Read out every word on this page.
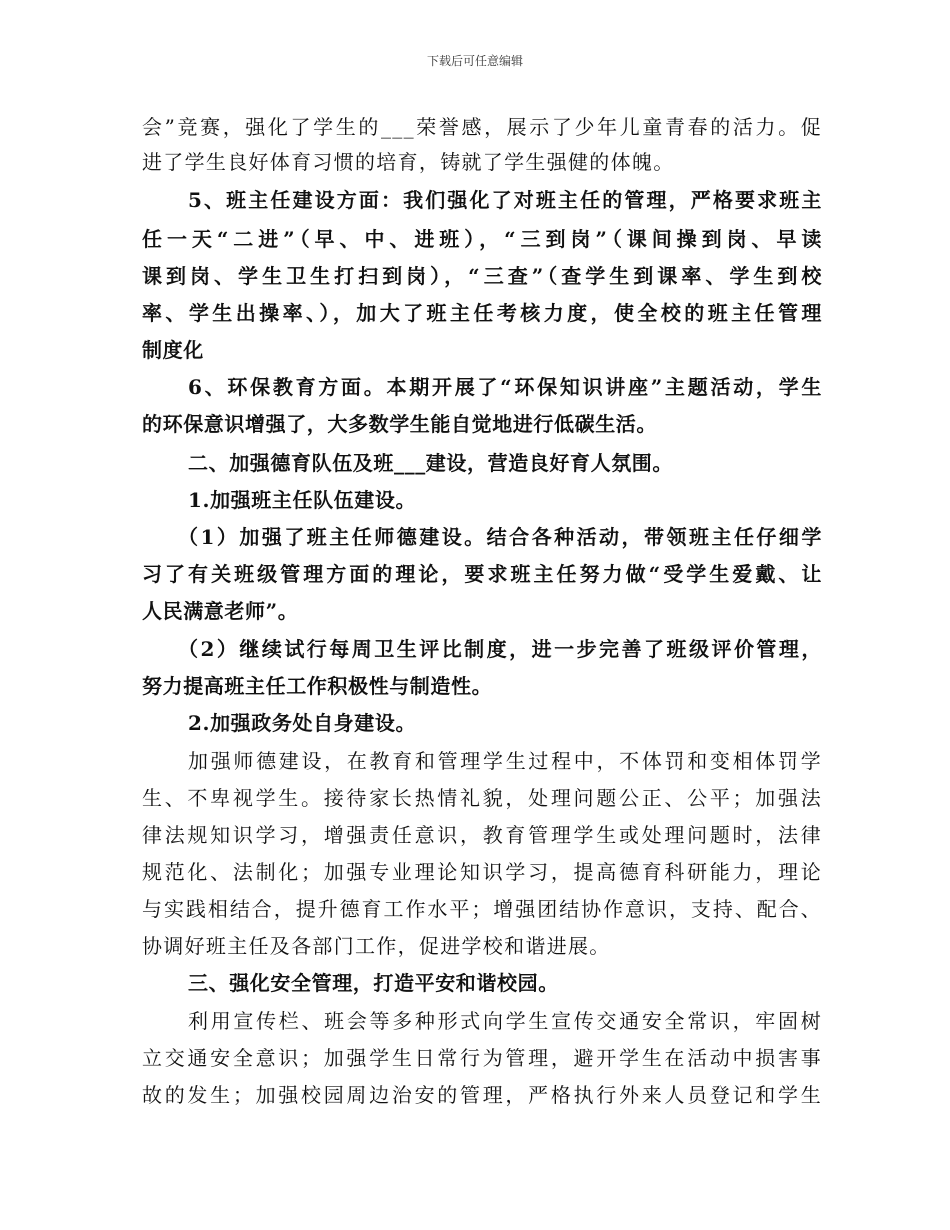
下载后可任意编辑
会”竞赛，强化了学生的___荣誉感，展示了少年儿童青春的活力。促
进了学生良好体育习惯的培育，铸就了学生强健的体魄。
5、班主任建设方面：我们强化了对班主任的管理，严格要求班主
任一天“二进”（早、中、进班），“三到岗”（课间操到岗、早读
课到岗、学生卫生打扫到岗），“三查”（查学生到课率、学生到校
率、学生出操率、），加大了班主任考核力度，使全校的班主任管理
制度化
6、环保教育方面。本期开展了“环保知识讲座”主题活动，学生
的环保意识增强了，大多数学生能自觉地进行低碳生活。
二、加强德育队伍及班___建设，营造良好育人氛围。
1.加强班主任队伍建设。
（1）加强了班主任师德建设。结合各种活动，带领班主任仔细学
习了有关班级管理方面的理论，要求班主任努力做“受学生爱戴、让
人民满意老师”。
（2）继续试行每周卫生评比制度，进一步完善了班级评价管理，
努力提高班主任工作积极性与制造性。
2.加强政务处自身建设。
加强师德建设，在教育和管理学生过程中，不体罚和变相体罚学
生、不卑视学生。接待家长热情礼貌，处理问题公正、公平；加强法
律法规知识学习，增强责任意识，教育管理学生或处理问题时，法律
规范化、法制化；加强专业理论知识学习，提高德育科研能力，理论
与实践相结合，提升德育工作水平；增强团结协作意识，支持、配合、
协调好班主任及各部门工作，促进学校和谐进展。
三、强化安全管理，打造平安和谐校园。
利用宣传栏、班会等多种形式向学生宣传交通安全常识，牢固树
立交通安全意识；加强学生日常行为管理，避开学生在活动中损害事
故的发生；加强校园周边治安的管理，严格执行外来人员登记和学生
